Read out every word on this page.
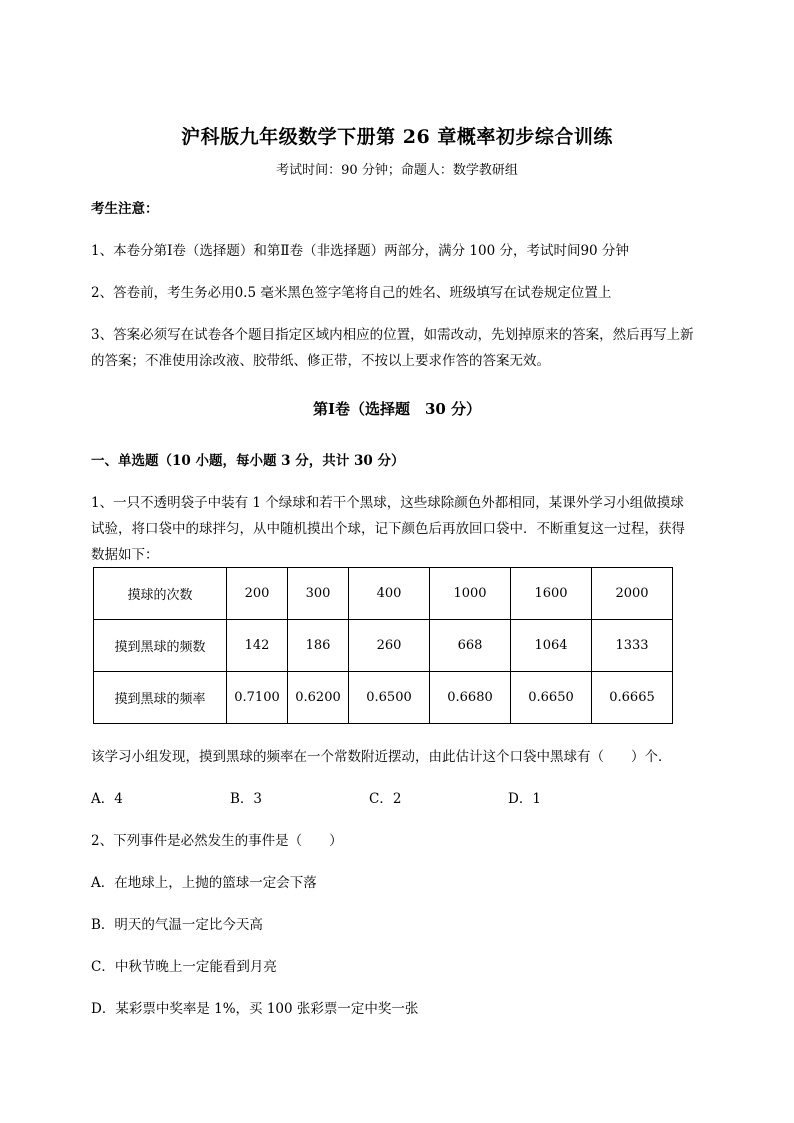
沪科版九年级数学下册第 26 章概率初步综合训练
考试时间：90 分钟；命题人：数学教研组
考生注意：
1、本卷分第Ⅰ卷（选择题）和第Ⅱ卷（非选择题）两部分，满分 100 分，考试时间90 分钟
2、答卷前，考生务必用0.5 毫米黑色签字笔将自己的姓名、班级填写在试卷规定位置上
3、答案必须写在试卷各个题目指定区域内相应的位置，如需改动，先划掉原来的答案，然后再写上新
的答案；不准使用涂改液、胶带纸、修正带，不按以上要求作答的答案无效。
第Ⅰ卷（选择题　30 分）
一、单选题（10 小题，每小题 3 分，共计 30 分）
1、一只不透明袋子中装有 1 个绿球和若干个黑球，这些球除颜色外都相同，某课外学习小组做摸球
试验，将口袋中的球拌匀，从中随机摸出个球，记下颜色后再放回口袋中．不断重复这一过程，获得
数据如下：
摸球的次数	200	300	400	1000	1600	2000
摸到黑球的频数	142	186	260	668	1064	1333
摸到黑球的频率	0.7100	0.6200	0.6500	0.6680	0.6650	0.6665
该学习小组发现，摸到黑球的频率在一个常数附近摆动，由此估计这个口袋中黑球有（　　）个．
A．4	B．3	C．2	D．1
2、下列事件是必然发生的事件是（　　）
A．在地球上，上抛的篮球一定会下落
B．明天的气温一定比今天高
C．中秋节晚上一定能看到月亮
D．某彩票中奖率是 1%，买 100 张彩票一定中奖一张
